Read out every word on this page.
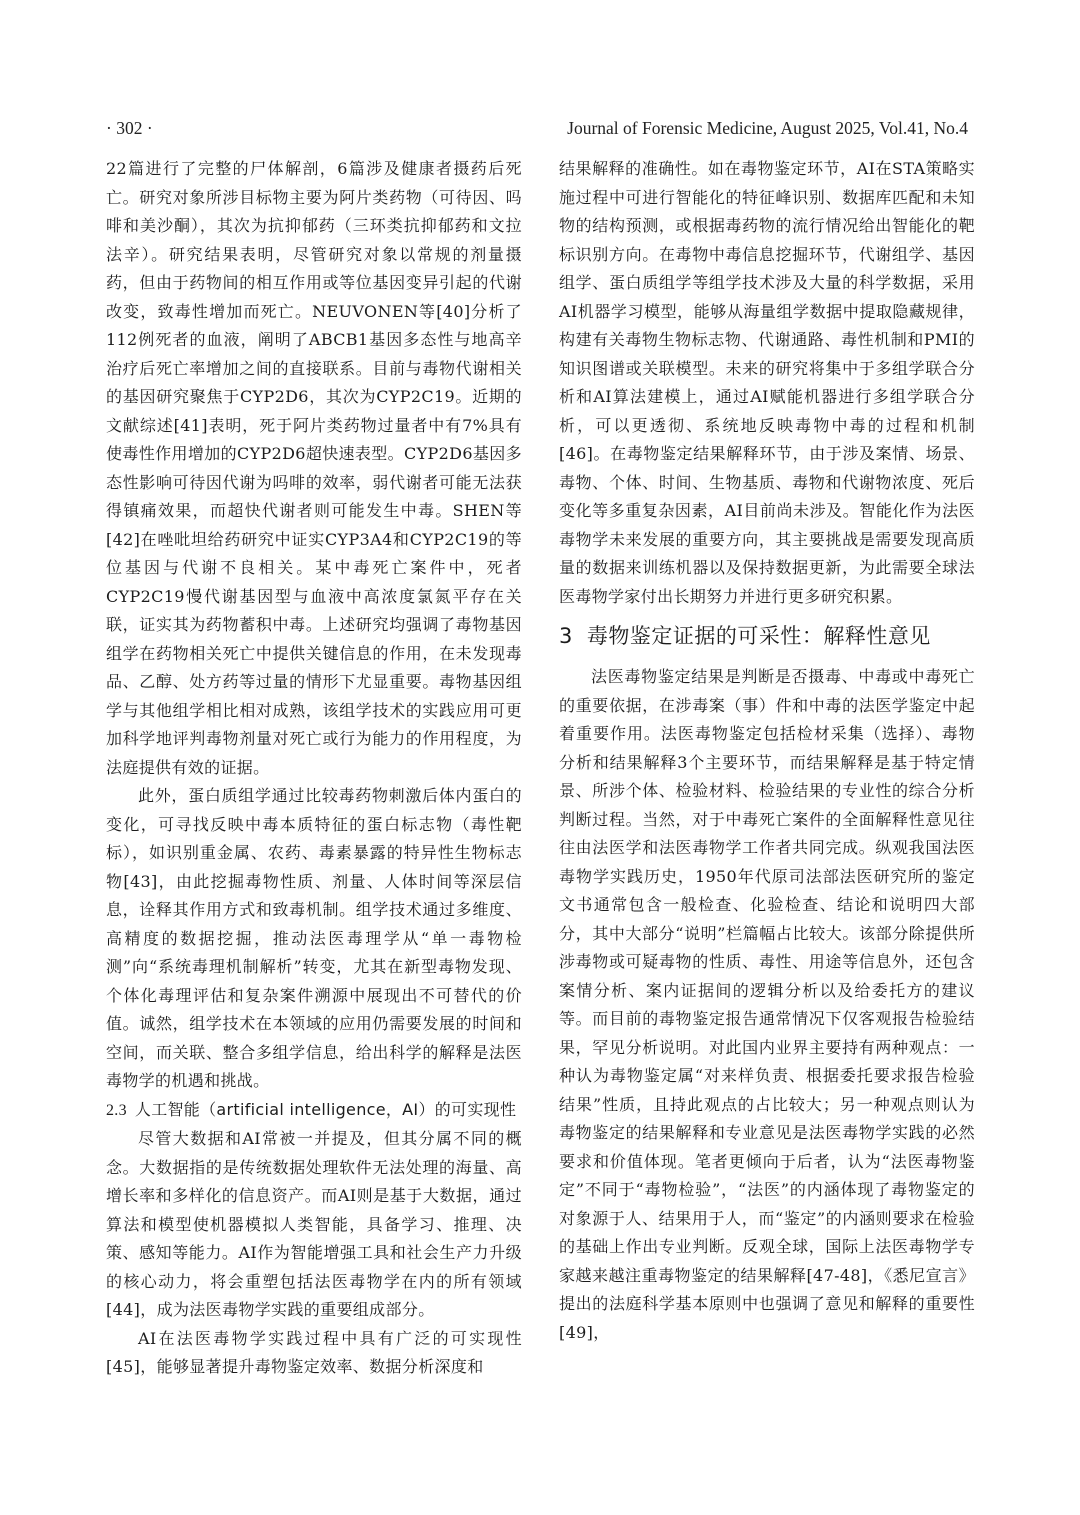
· 302 ·	Journal of Forensic Medicine, August 2025, Vol.41, No.4

22篇进行了完整的尸体解剖，6篇涉及健康者摄药后死亡。研究对象所涉目标物主要为阿片类药物（可待因、吗啡和美沙酮），其次为抗抑郁药（三环类抗抑郁药和文拉法辛）。研究结果表明，尽管研究对象以常规的剂量摄药，但由于药物间的相互作用或等位基因变异引起的代谢改变，致毒性增加而死亡。NEUVONEN等[40]分析了112例死者的血液，阐明了ABCB1基因多态性与地高辛治疗后死亡率增加之间的直接联系。目前与毒物代谢相关的基因研究聚焦于CYP2D6，其次为CYP2C19。近期的文献综述[41]表明，死于阿片类药物过量者中有7%具有使毒性作用增加的CYP2D6超快速表型。CYP2D6基因多态性影响可待因代谢为吗啡的效率，弱代谢者可能无法获得镇痛效果，而超快代谢者则可能发生中毒。SHEN等[42]在唑吡坦给药研究中证实CYP3A4和CYP2C19的等位基因与代谢不良相关。某中毒死亡案件中，死者CYP2C19慢代谢基因型与血液中高浓度氯氮平存在关联，证实其为药物蓄积中毒。上述研究均强调了毒物基因组学在药物相关死亡中提供关键信息的作用，在未发现毒品、乙醇、处方药等过量的情形下尤显重要。毒物基因组学与其他组学相比相对成熟，该组学技术的实践应用可更加科学地评判毒物剂量对死亡或行为能力的作用程度，为法庭提供有效的证据。

此外，蛋白质组学通过比较毒药物刺激后体内蛋白的变化，可寻找反映中毒本质特征的蛋白标志物（毒性靶标），如识别重金属、农药、毒素暴露的特异性生物标志物[43]，由此挖掘毒物性质、剂量、人体时间等深层信息，诠释其作用方式和致毒机制。组学技术通过多维度、高精度的数据挖掘，推动法医毒理学从“单一毒物检测”向“系统毒理机制解析”转变，尤其在新型毒物发现、个体化毒理评估和复杂案件溯源中展现出不可替代的价值。诚然，组学技术在本领域的应用仍需要发展的时间和空间，而关联、整合多组学信息，给出科学的解释是法医毒物学的机遇和挑战。

2.3 人工智能（artificial intelligence，AI）的可实现性

尽管大数据和AI常被一并提及，但其分属不同的概念。大数据指的是传统数据处理软件无法处理的海量、高增长率和多样化的信息资产。而AI则是基于大数据，通过算法和模型使机器模拟人类智能，具备学习、推理、决策、感知等能力。AI作为智能增强工具和社会生产力升级的核心动力，将会重塑包括法医毒物学在内的所有领域[44]，成为法医毒物学实践的重要组成部分。

AI在法医毒物学实践过程中具有广泛的可实现性[45]，能够显著提升毒物鉴定效率、数据分析深度和

结果解释的准确性。如在毒物鉴定环节，AI在STA策略实施过程中可进行智能化的特征峰识别、数据库匹配和未知物的结构预测，或根据毒药物的流行情况给出智能化的靶标识别方向。在毒物中毒信息挖掘环节，代谢组学、基因组学、蛋白质组学等组学技术涉及大量的科学数据，采用AI机器学习模型，能够从海量组学数据中提取隐藏规律，构建有关毒物生物标志物、代谢通路、毒性机制和PMI的知识图谱或关联模型。未来的研究将集中于多组学联合分析和AI算法建模上，通过AI赋能机器进行多组学联合分析，可以更透彻、系统地反映毒物中毒的过程和机制[46]。在毒物鉴定结果解释环节，由于涉及案情、场景、毒物、个体、时间、生物基质、毒物和代谢物浓度、死后变化等多重复杂因素，AI目前尚未涉及。智能化作为法医毒物学未来发展的重要方向，其主要挑战是需要发现高质量的数据来训练机器以及保持数据更新，为此需要全球法医毒物学家付出长期努力并进行更多研究积累。

3 毒物鉴定证据的可采性：解释性意见

法医毒物鉴定结果是判断是否摄毒、中毒或中毒死亡的重要依据，在涉毒案（事）件和中毒的法医学鉴定中起着重要作用。法医毒物鉴定包括检材采集（选择）、毒物分析和结果解释3个主要环节，而结果解释是基于特定情景、所涉个体、检验材料、检验结果的专业性的综合分析判断过程。当然，对于中毒死亡案件的全面解释性意见往往由法医学和法医毒物学工作者共同完成。纵观我国法医毒物学实践历史，1950年代原司法部法医研究所的鉴定文书通常包含一般检查、化验检查、结论和说明四大部分，其中大部分“说明”栏篇幅占比较大。该部分除提供所涉毒物或可疑毒物的性质、毒性、用途等信息外，还包含案情分析、案内证据间的逻辑分析以及给委托方的建议等。而目前的毒物鉴定报告通常情况下仅客观报告检验结果，罕见分析说明。对此国内业界主要持有两种观点：一种认为毒物鉴定属“对来样负责、根据委托要求报告检验结果”性质，且持此观点的占比较大；另一种观点则认为毒物鉴定的结果解释和专业意见是法医毒物学实践的必然要求和价值体现。笔者更倾向于后者，认为“法医毒物鉴定”不同于“毒物检验”，“法医”的内涵体现了毒物鉴定的对象源于人、结果用于人，而“鉴定”的内涵则要求在检验的基础上作出专业判断。反观全球，国际上法医毒物学专家越来越注重毒物鉴定的结果解释[47-48]，《悉尼宣言》提出的法庭科学基本原则中也强调了意见和解释的重要性[49]，
